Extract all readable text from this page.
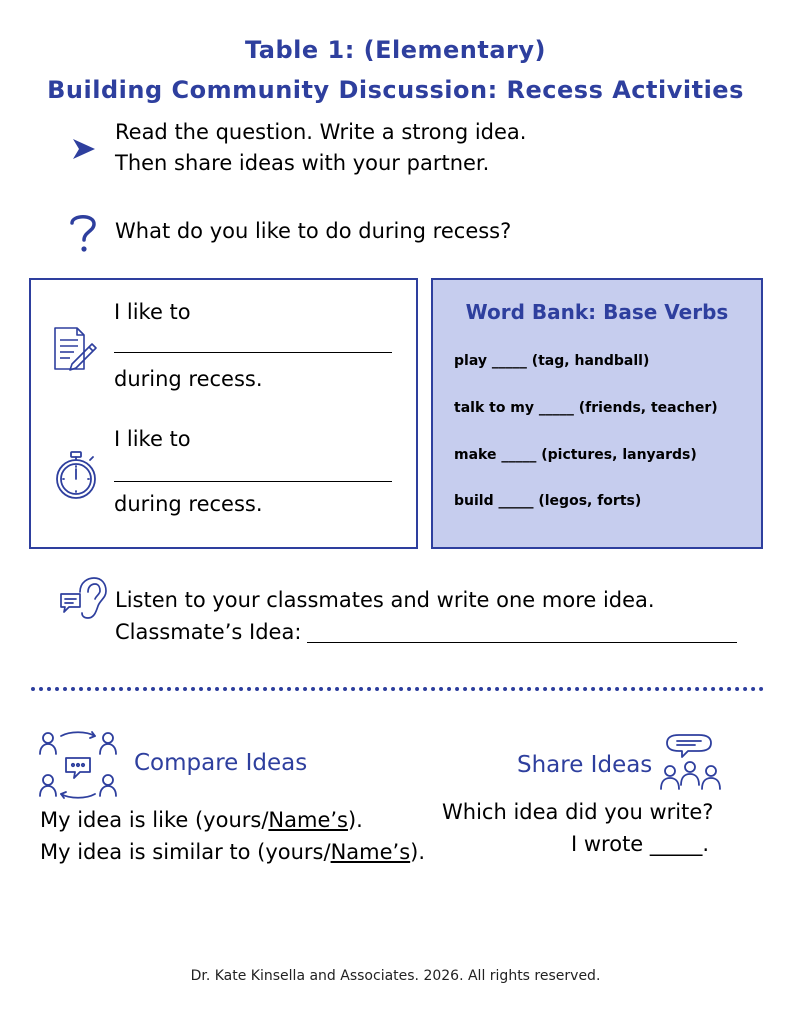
Table 1: (Elementary)
Building Community Discussion: Recess Activities
Read the question. Write a strong idea.
Then share ideas with your partner.
What do you like to do during recess?
I like to
during recess.
I like to
during recess.
Word Bank: Base Verbs
play _____ (tag, handball)
talk to my _____ (friends, teacher)
make _____ (pictures, lanyards)
build _____ (legos, forts)
Listen to your classmates and write one more idea.
Classmate’s Idea:
Compare Ideas
My idea is like (yours/Name’s).
My idea is similar to (yours/Name’s).
Share Ideas
Which idea did you write?
I wrote _____.
Dr. Kate Kinsella and Associates. 2026. All rights reserved.
